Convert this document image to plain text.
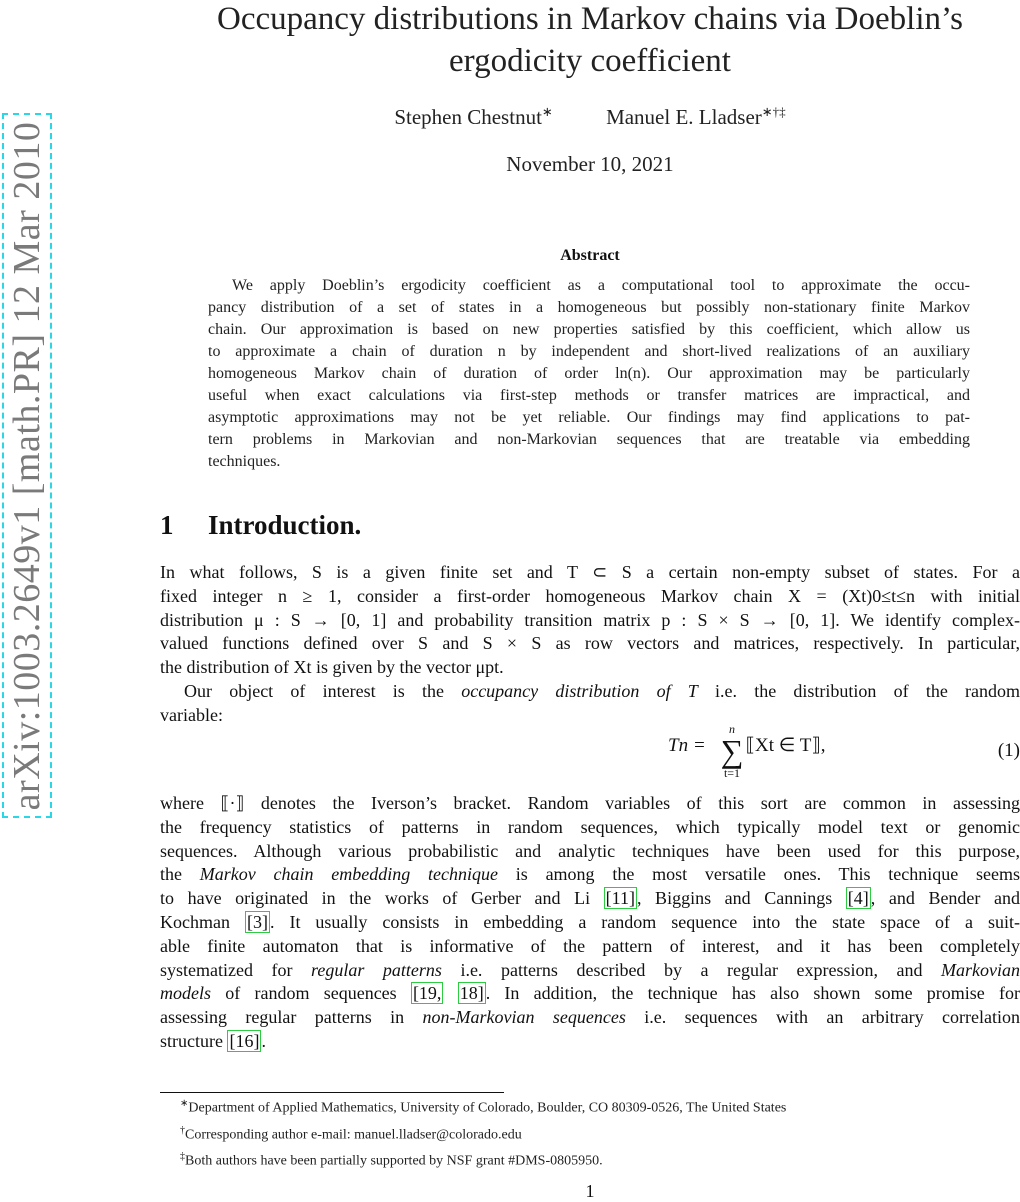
arXiv:1003.2649v1 [math.PR] 12 Mar 2010
Occupancy distributions in Markov chains via Doeblin’s
ergodicity coefficient
Stephen Chestnut∗	Manuel E. Lladser∗†‡
November 10, 2021
Abstract
We apply Doeblin’s ergodicity coefficient as a computational tool to approximate the occu-
pancy distribution of a set of states in a homogeneous but possibly non-stationary finite Markov
chain. Our approximation is based on new properties satisfied by this coefficient, which allow us
to approximate a chain of duration n by independent and short-lived realizations of an auxiliary
homogeneous Markov chain of duration of order ln(n). Our approximation may be particularly
useful when exact calculations via first-step methods or transfer matrices are impractical, and
asymptotic approximations may not be yet reliable. Our findings may find applications to pat-
tern problems in Markovian and non-Markovian sequences that are treatable via embedding
techniques.
1 Introduction.
In what follows, S is a given finite set and T ⊂ S a certain non-empty subset of states. For a
fixed integer n ≥ 1, consider a first-order homogeneous Markov chain X = (Xt)0≤t≤n with initial
distribution μ : S → [0, 1] and probability transition matrix p : S × S → [0, 1]. We identify complex-
valued functions defined over S and S × S as row vectors and matrices, respectively. In particular,
the distribution of Xt is given by the vector μpt.
Our object of interest is the occupancy distribution of T i.e. the distribution of the random
variable:
Tn = ⟦Xt ∈ T⟧,
n
∑
t=1
(1)
where ⟦·⟧ denotes the Iverson’s bracket. Random variables of this sort are common in assessing
the frequency statistics of patterns in random sequences, which typically model text or genomic
sequences. Although various probabilistic and analytic techniques have been used for this purpose,
the Markov chain embedding technique is among the most versatile ones. This technique seems
to have originated in the works of Gerber and Li [11] , Biggins and Cannings [4] , and Bender and
Kochman [3] . It usually consists in embedding a random sequence into the state space of a suit-
able finite automaton that is informative of the pattern of interest, and it has been completely
systematized for regular patterns i.e. patterns described by a regular expression, and Markovian
models of random sequences [19, 18] . In addition, the technique has also shown some promise for
assessing regular patterns in non-Markovian sequences i.e. sequences with an arbitrary correlation
structure [16] .
∗Department of Applied Mathematics, University of Colorado, Boulder, CO 80309-0526, The United States
†Corresponding author e-mail: manuel.lladser@colorado.edu
‡Both authors have been partially supported by NSF grant #DMS-0805950.
1
